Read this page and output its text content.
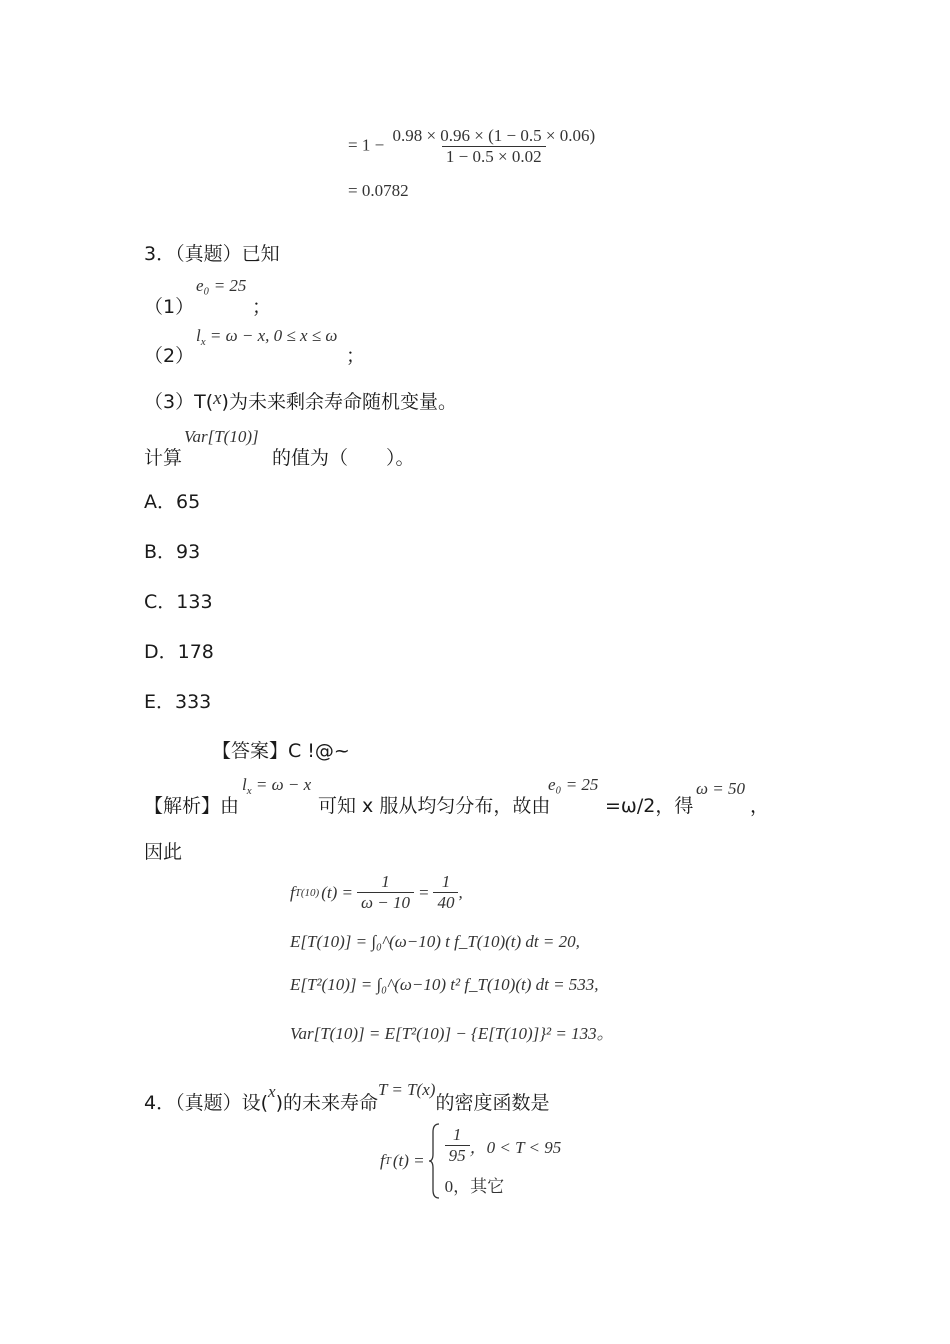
= $1 - \frac{0.98 \times 0.96 \times (1 - 0.5 \times 0.06)}{1 - 0.5 \times 0.02}$
= 0.0782
3．（真题）已知
（1）
e₀ = 25
；
（2）
$l_x = \omega - x$, 0 ≤ x ≤ ω
；
（3）T(x)为未来剩余寿命随机变量。
计算
Var[T(10)]
的值为（　　）。
A．65
B．93
C．133
D．178
E．333
【答案】C !@~
【解析】由
$l_x = \omega - x$
可知 x 服从均匀分布，故由
e₀ = 25
=ω/2，得
ω = 50
，
因此
f T(10) $(t) = \frac{1}{\omega - 10} = \frac{1}{40}$ ,
E[T(10)] = ∫₀^(ω−10) t f_T(10)(t) dt = 20,
E[T²(10)] = ∫₀^(ω−10) t² f_T(10)(t) dt = 533,
Var[T(10)] = E[T²(10)] − {E[T(10)]}² = 133。
4．（真题）设(
x
)的未来寿命
T = T(x)
的密度函数是
f T $(t) = \frac{1}{95}$ ，0 < T < 95
0，其它
